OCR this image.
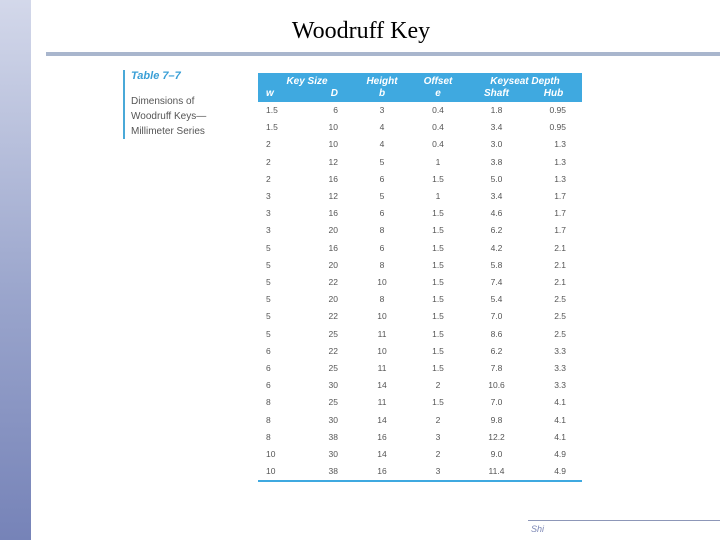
Woodruff Key
Table 7–7
Dimensions of Woodruff Keys—Millimeter Series
Key Size		Height	Offset	Keyseat Depth	
w	D	b	e	Shaft	Hub
1.5	6	3	0.4	1.8	0.95
1.5	10	4	0.4	3.4	0.95
2	10	4	0.4	3.0	1.3
2	12	5	1	3.8	1.3
2	16	6	1.5	5.0	1.3
3	12	5	1	3.4	1.7
3	16	6	1.5	4.6	1.7
3	20	8	1.5	6.2	1.7
5	16	6	1.5	4.2	2.1
5	20	8	1.5	5.8	2.1
5	22	10	1.5	7.4	2.1
5	20	8	1.5	5.4	2.5
5	22	10	1.5	7.0	2.5
5	25	11	1.5	8.6	2.5
6	22	10	1.5	6.2	3.3
6	25	11	1.5	7.8	3.3
6	30	14	2	10.6	3.3
8	25	11	1.5	7.0	4.1
8	30	14	2	9.8	4.1
8	38	16	3	12.2	4.1
10	30	14	2	9.0	4.9
10	38	16	3	11.4	4.9
Shi
